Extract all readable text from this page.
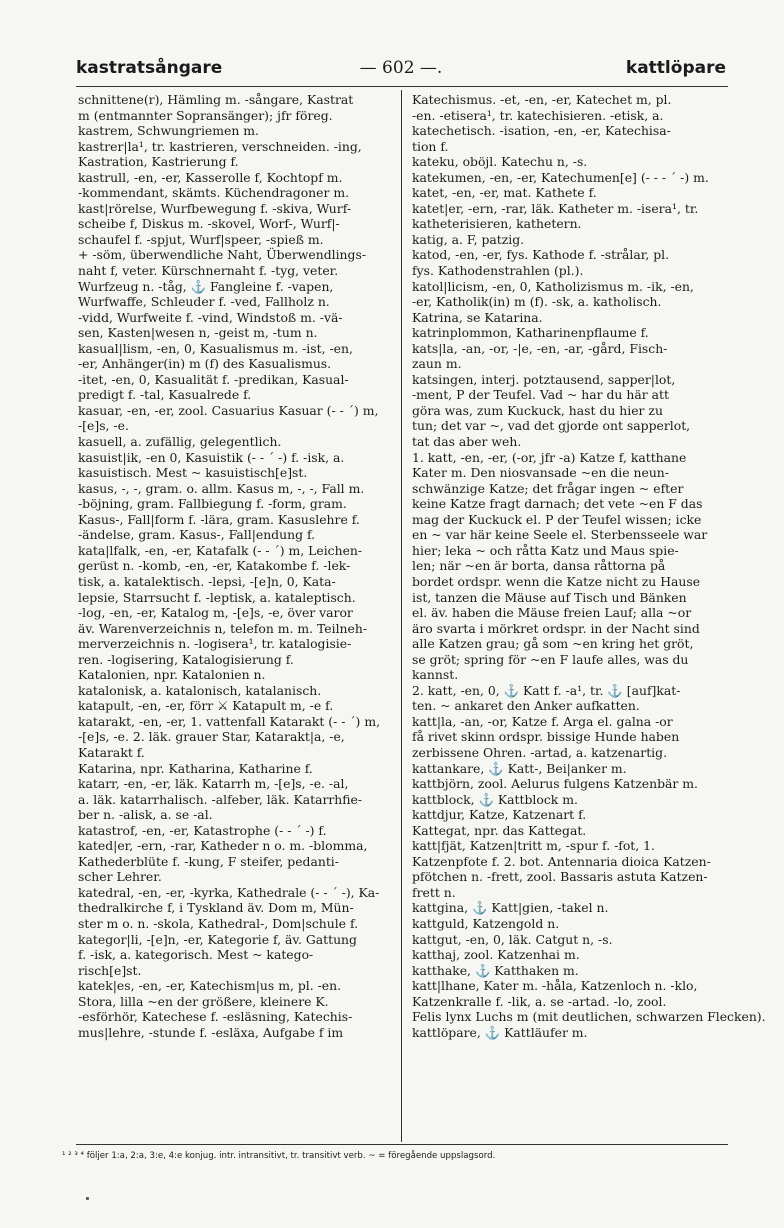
kastratsångare	— 602 —.	kattlöpare
schnittene(r), Hämling m. -sångare, Kastrat
m (entmannter Sopransänger); jfr föreg.
kastrem, Schwungriemen m.
kastrer|la¹, tr. kastrieren, verschneiden. -ing,
Kastration, Kastrierung f.
kastrull, -en, -er, Kasserolle f, Kochtopf m.
-kommendant, skämts. Küchendragoner m.
kast|rörelse, Wurfbewegung f. -skiva, Wurf-
scheibe f, Diskus m. -skovel, Worf-, Wurf|-
schaufel f. -spjut, Wurf|speer, -spieß m.
+ -söm, überwendliche Naht, Überwendlings-
naht f, veter. Kürschnernaht f. -tyg, veter.
Wurfzeug n. -tåg, ⚓ Fangleine f. -vapen,
Wurfwaffe, Schleuder f. -ved, Fallholz n.
-vidd, Wurfweite f. -vind, Windstoß m. -vä-
sen, Kasten|wesen n, -geist m, -tum n.
kasual|lism, -en, 0, Kasualismus m. -ist, -en,
-er, Anhänger(in) m (f) des Kasualismus.
-itet, -en, 0, Kasualität f. -predikan, Kasual-
predigt f. -tal, Kasualrede f.
kasuar, -en, -er, zool. Casuarius Kasuar (- - ´) m,
-[e]s, -e.
kasuell, a. zufällig, gelegentlich.
kasuist|ik, -en 0, Kasuistik (- - ´ -) f. -isk, a.
kasuistisch. Mest ~ kasuistisch[e]st.
kasus, -, -, gram. o. allm. Kasus m, -, -, Fall m.
-böjning, gram. Fallbiegung f. -form, gram.
Kasus-, Fall|form f. -lära, gram. Kasuslehre f.
-ändelse, gram. Kasus-, Fall|endung f.
kata|lfalk, -en, -er, Katafalk (- - ´) m, Leichen-
gerüst n. -komb, -en, -er, Katakombe f. -lek-
tisk, a. katalektisch. -lepsi, -[e]n, 0, Kata-
lepsie, Starrsucht f. -leptisk, a. kataleptisch.
-log, -en, -er, Katalog m, -[e]s, -e, över varor
äv. Warenverzeichnis n, telefon m. m. Teilneh-
merverzeichnis n. -logisera¹, tr. katalogisie-
ren. -logisering, Katalogisierung f.
Katalonien, npr. Katalonien n.
katalonisk, a. katalonisch, katalanisch.
katapult, -en, -er, förr ⚔ Katapult m, -e f.
katarakt, -en, -er, 1. vattenfall Katarakt (- - ´) m,
-[e]s, -e. 2. läk. grauer Star, Katarakt|a, -e,
Katarakt f.
Katarina, npr. Katharina, Katharine f.
katarr, -en, -er, läk. Katarrh m, -[e]s, -e. -al,
a. läk. katarrhalisch. -alfeber, läk. Katarrhfie-
ber n. -alisk, a. se -al.
katastrof, -en, -er, Katastrophe (- - ´ -) f.
kated|er, -ern, -rar, Katheder n o. m. -blomma,
Kathederblüte f. -kung, F steifer, pedanti-
scher Lehrer.
katedral, -en, -er, -kyrka, Kathedrale (- - ´ -), Ka-
thedralkirche f, i Tyskland äv. Dom m, Mün-
ster m o. n. -skola, Kathedral-, Dom|schule f.
kategor|li, -[e]n, -er, Kategorie f, äv. Gattung
f. -isk, a. kategorisch. Mest ~ katego-
risch[e]st.
katek|es, -en, -er, Katechism|us m, pl. -en.
Stora, lilla ~en der größere, kleinere K.
-esförhör, Katechese f. -esläsning, Katechis-
mus|lehre, -stunde f. -esläxa, Aufgabe f im
Katechismus. -et, -en, -er, Katechet m, pl.
-en. -etisera¹, tr. katechisieren. -etisk, a.
katechetisch. -isation, -en, -er, Katechisa-
tion f.
kateku, oböjl. Katechu n, -s.
katekumen, -en, -er, Katechumen[e] (- - - ´ -) m.
katet, -en, -er, mat. Kathete f.
katet|er, -ern, -rar, läk. Katheter m. -isera¹, tr.
katheterisieren, kathetern.
katig, a. F, patzig.
katod, -en, -er, fys. Kathode f. -strålar, pl.
fys. Kathodenstrahlen (pl.).
katol|licism, -en, 0, Katholizismus m. -ik, -en,
-er, Katholik(in) m (f). -sk, a. katholisch.
Katrina, se Katarina.
katrinplommon, Katharinenpflaume f.
kats|la, -an, -or, -|e, -en, -ar, -gård, Fisch-
zaun m.
katsingen, interj. potztausend, sapper|lot,
-ment, P der Teufel. Vad ~ har du här att
göra was, zum Kuckuck, hast du hier zu
tun; det var ~, vad det gjorde ont sapperlot,
tat das aber weh.
1. katt, -en, -er, (-or, jfr -a) Katze f, katthane
Kater m. Den niosvansade ~en die neun-
schwänzige Katze; det frågar ingen ~ efter
keine Katze fragt darnach; det vete ~en F das
mag der Kuckuck el. P der Teufel wissen; icke
en ~ var här keine Seele el. Sterbensseele war
hier; leka ~ och råtta Katz und Maus spie-
len; när ~en är borta, dansa råttorna på
bordet ordspr. wenn die Katze nicht zu Hause
ist, tanzen die Mäuse auf Tisch und Bänken
el. äv. haben die Mäuse freien Lauf; alla ~or
äro svarta i mörkret ordspr. in der Nacht sind
alle Katzen grau; gå som ~en kring het gröt,
se gröt; spring för ~en F laufe alles, was du
kannst.
2. katt, -en, 0, ⚓ Katt f. -a¹, tr. ⚓ [auf]kat-
ten. ~ ankaret den Anker aufkatten.
katt|la, -an, -or, Katze f. Arga el. galna -or
få rivet skinn ordspr. bissige Hunde haben
zerbissene Ohren. -artad, a. katzenartig.
kattankare, ⚓ Katt-, Bei|anker m.
kattbjörn, zool. Aelurus fulgens Katzenbär m.
kattblock, ⚓ Kattblock m.
kattdjur, Katze, Katzenart f.
Kattegat, npr. das Kattegat.
katt|fjät, Katzen|tritt m, -spur f. -fot, 1.
Katzenpfote f. 2. bot. Antennaria dioica Katzen-
pfötchen n. -frett, zool. Bassaris astuta Katzen-
frett n.
kattgina, ⚓ Katt|gien, -takel n.
kattguld, Katzengold n.
kattgut, -en, 0, läk. Catgut n, -s.
katthaj, zool. Katzenhai m.
katthake, ⚓ Katthaken m.
katt|lhane, Kater m. -håla, Katzenloch n. -klo,
Katzenkralle f. -lik, a. se -artad. -lo, zool.
Felis lynx Luchs m (mit deutlichen, schwarzen Flecken).
kattlöpare, ⚓ Kattläufer m.
¹ ² ³ ⁴ följer 1:a, 2:a, 3:e, 4:e konjug. intr. intransitivt, tr. transitivt verb. ~ = föregående uppslagsord.
